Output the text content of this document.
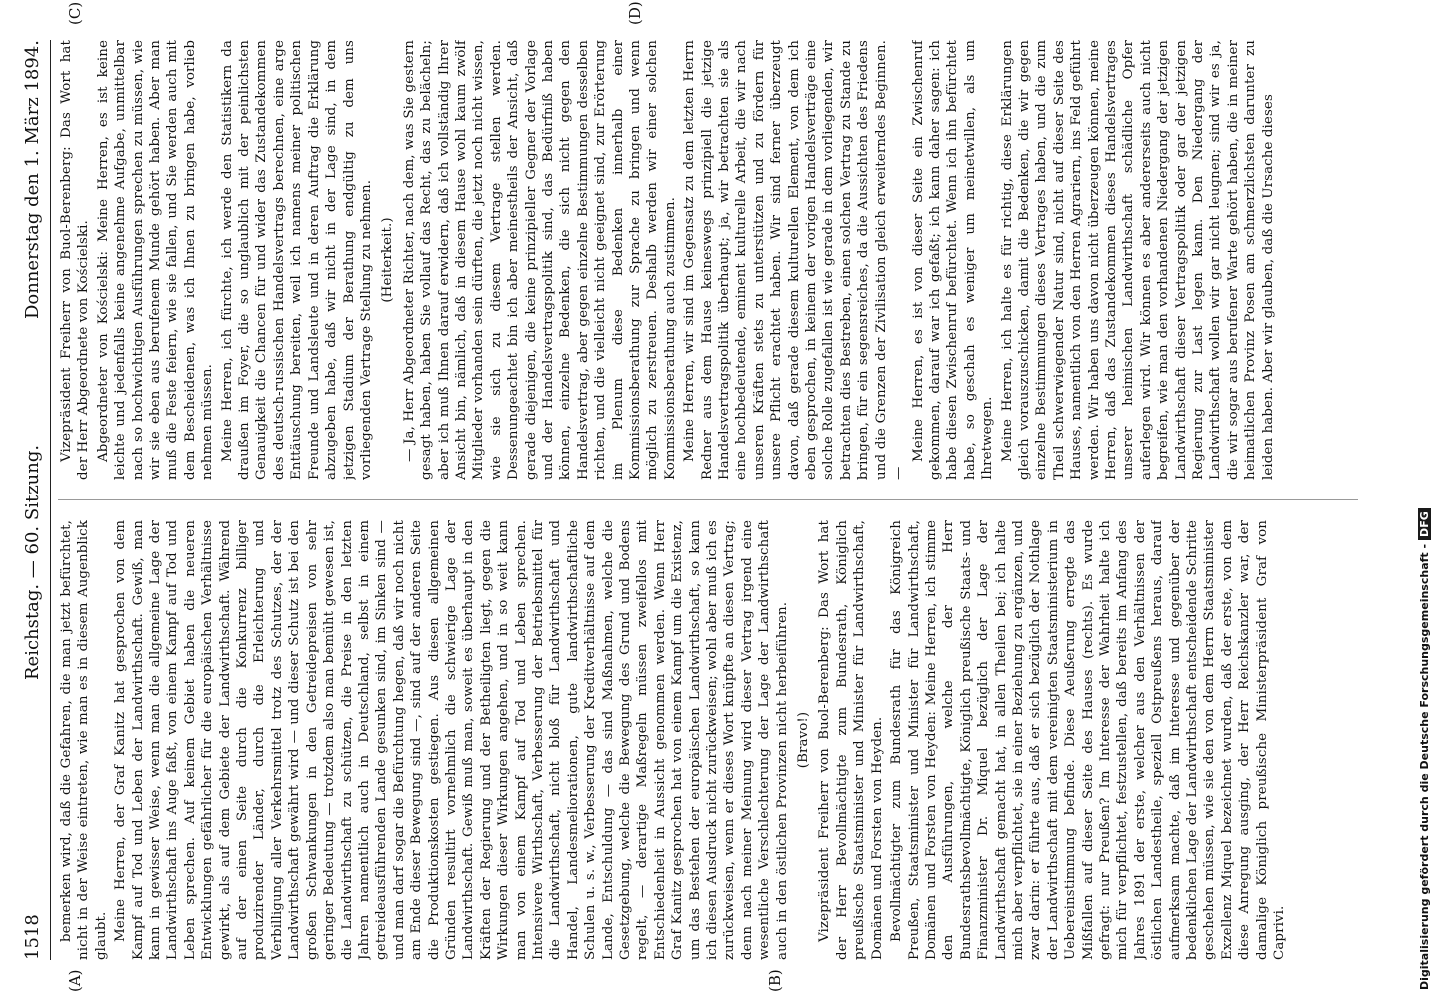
1518
Reichstag. — 60. Sitzung.
Donnerstag den 1. März 1894.
(A)	(B)
(C)	(D)

bemerken wird, daß die Gefahren, die man jetzt befürchtet, nicht in der Weise eintreten, wie man es in diesem Augenblick glaubt. Meine Herren, der Graf Kanitz hat gesprochen von dem Kampf auf Tod und Leben der Landwirthschaft. Gewiß, man kann in gewisser Weise, wenn man die allgemeine Lage der Landwirthschaft ins Auge faßt, von einem Kampf auf Tod und Leben sprechen. Auf keinem Gebiet haben die neueren Entwicklungen gefährlicher für die europäischen Verhältnisse gewirkt, als auf dem Gebiete der Landwirthschaft. Während auf der einen Seite durch die Konkurrenz billiger produzirender Länder, durch die Erleichterung und Verbilligung aller Verkehrsmittel trotz des Schutzes, der der Landwirthschaft gewährt wird — und dieser Schutz ist bei den großen Schwankungen in den Getreidepreisen von sehr geringer Bedeutung — trotzdem also man bemüht gewesen ist, die Landwirthschaft zu schützen, die Preise in den letzten Jahren namentlich auch in Deutschland, selbst in einem getreideausführenden Lande gesunken sind, im Sinken sind — und man darf sogar die Befürchtung hegen, daß wir noch nicht am Ende dieser Bewegung sind —, sind auf der anderen Seite die Produktionskosten gestiegen. Aus diesen allgemeinen Gründen resultirt vornehmlich die schwierige Lage der Landwirthschaft. Gewiß muß man, soweit es überhaupt in den Kräften der Regierung und der Betheiligten liegt, gegen die Wirkungen dieser Wirkungen angehen, und in so weit kann man von einem Kampf auf Tod und Leben sprechen. Intensivere Wirthschaft, Verbesserung der Betriebsmittel für die Landwirthschaft, nicht bloß für Landwirthschaft und Handel, Landesmeliorationen, gute landwirthschaftliche Schulen u. s. w., Verbesserung der Kreditverhältnisse auf dem Lande, Entschuldung — das sind Maßnahmen, welche die Gesetzgebung, welche die Bewegung des Grund und Bodens regelt, — derartige Maßregeln müssen zweifellos mit Entschiedenheit in Aussicht genommen werden. Wenn Herr Graf Kanitz gesprochen hat von einem Kampf um die Existenz, um das Bestehen der europäischen Landwirthschaft, so kann ich diesen Ausdruck nicht zurückweisen; wohl aber muß ich es zurückweisen, wenn er dieses Wort knüpfte an diesen Vertrag; denn nach meiner Meinung wird dieser Vertrag irgend eine wesentliche Verschlechterung der Lage der Landwirthschaft auch in den östlichen Provinzen nicht herbeiführen. (Bravo!) Vizepräsident Freiherr von Buol-Berenberg: Das Wort hat der Herr Bevollmächtigte zum Bundesrath, Königlich preußische Staatsminister und Minister für Landwirthschaft, Domänen und Forsten von Heyden. Bevollmächtigter zum Bundesrath für das Königreich Preußen, Staatsminister und Minister für Landwirthschaft, Domänen und Forsten von Heyden: Meine Herren, ich stimme den Ausführungen, welche der Herr Bundesrathsbevollmächtigte, Königlich preußische Staats- und Finanzminister Dr. Miquel bezüglich der Lage der Landwirthschaft gemacht hat, in allen Theilen bei; ich halte mich aber verpflichtet, sie in einer Beziehung zu ergänzen, und zwar darin: er führte aus, daß er sich bezüglich der Nothlage der Landwirthschaft mit dem vereinigten Staatsministerium in Uebereinstimmung befinde. Diese Aeußerung erregte das Mißfallen auf dieser Seite des Hauses (rechts). Es wurde gefragt: nur Preußen? Im Interesse der Wahrheit halte ich mich für verpflichtet, festzustellen, daß bereits im Anfang des Jahres 1891 der erste, welcher aus den Verhältnissen der östlichen Landestheile, speziell Ostpreußens heraus, darauf aufmerksam machte, daß im Interesse und gegenüber der bedenklichen Lage der Landwirthschaft entscheidende Schritte geschehen müssen, wie sie den von dem Herrn Staatsminister Exzellenz Miquel bezeichnet wurden, daß der erste, von dem diese Anregung ausging, der Herr Reichskanzler war, der damalige Königlich preußische Ministerpräsident Graf von Caprivi.

Vizepräsident Freiherr von Buol-Berenberg: Das Wort hat der Herr Abgeordnete von Kościelski. Abgeordneter von Kościelski: Meine Herren, es ist keine leichte und jedenfalls keine angenehme Aufgabe, unmittelbar nach so hochwichtigen Ausführungen sprechen zu müssen, wie wir sie eben aus berufenem Munde gehört haben. Aber man muß die Feste feiern, wie sie fallen, und Sie werden auch mit dem Bescheidenen, was ich Ihnen zu bringen habe, vorlieb nehmen müssen. Meine Herren, ich fürchte, ich werde den Statistikern da draußen im Foyer, die so unglaublich mit der peinlichsten Genauigkeit die Chancen für und wider das Zustandekommen des deutsch-russischen Handelsvertrags berechnen, eine arge Enttäuschung bereiten, weil ich namens meiner politischen Freunde und Landsleute und in deren Auftrag die Erklärung abzugeben habe, daß wir nicht in der Lage sind, in dem jetzigen Stadium der Berathung endgültig zu dem uns vorliegenden Vertrage Stellung zu nehmen. (Heiterkeit.) — Ja, Herr Abgeordneter Richter, nach dem, was Sie gestern gesagt haben, haben Sie vollauf das Recht, das zu belächeln; aber ich muß Ihnen darauf erwidern, daß ich vollständig Ihrer Ansicht bin, nämlich, daß in diesem Hause wohl kaum zwölf Mitglieder vorhanden sein dürften, die jetzt noch nicht wissen, wie sie sich zu diesem Vertrage stellen werden. Dessenungeachtet bin ich aber meinestheils der Ansicht, daß gerade diejenigen, die keine prinzipieller Gegner der Vorlage und der Handelsvertragspolitik sind, das Bedürfniß haben können, einzelne Bedenken, die sich nicht gegen den Handelsvertrag, aber gegen einzelne Bestimmungen desselben richten, und die vielleicht nicht geeignet sind, zur Erörterung im Plenum diese Bedenken innerhalb einer Kommissionsberathung zur Sprache zu bringen und wenn möglich zu zerstreuen. Deshalb werden wir einer solchen Kommissionsberathung auch zustimmen. Meine Herren, wir sind im Gegensatz zu dem letzten Herrn Redner aus dem Hause keineswegs prinzipiell die jetzige Handelsvertragspolitik überhaupt; ja, wir betrachten sie als eine hochbedeutende, eminent kulturelle Arbeit, die wir nach unseren Kräften stets zu unterstützen und zu fördern für unsere Pflicht erachtet haben. Wir sind ferner überzeugt davon, daß gerade diesem kulturellen Element, von dem ich eben gesprochen, in keinem der vorigen Handelsverträge eine solche Rolle zugefallen ist wie gerade in dem vorliegenden, wir betrachten dies Bestreben, einen solchen Vertrag zu Stande zu bringen, für ein segensreiches, da die Aussichten des Friedens und die Grenzen der Zivilisation gleich erweiterndes Beginnen. —

Meine Herren, es ist von dieser Seite ein Zwischenruf gekommen, darauf war ich gefaßt; ich kann daher sagen: ich habe diesen Zwischenruf befürchtet. Wenn ich ihn befürchtet habe, so geschah es weniger um meinetwillen, als um Ihretwegen. Meine Herren, ich halte es für richtig, diese Erklärungen gleich vorauszuschicken, damit die Bedenken, die wir gegen einzelne Bestimmungen dieses Vertrages haben, und die zum Theil schwerwiegender Natur sind, nicht auf dieser Seite des Hauses, namentlich von den Herren Agrariern, ins Feld geführt werden. Wir haben uns davon nicht überzeugen können, meine Herren, daß das Zustandekommen dieses Handelsvertrages unserer heimischen Landwirthschaft schädliche Opfer auferlegen wird. Wir können es aber andererseits auch nicht begreifen, wie man den vorhandenen Niedergang der jetzigen Landwirthschaft dieser Vertragspolitik oder gar der jetzigen Regierung zur Last legen kann. Den Niedergang der Landwirthschaft wollen wir gar nicht leugnen; sind wir es ja, die wir sogar aus berufener Warte gehört haben, die in meiner heimatlichen Provinz Posen am schmerzlichsten darunter zu leiden haben. Aber wir glauben, daß die Ursache dieses

Digitalisierung gefördert durch die Deutsche Forschungsgemeinschaft -DFG
